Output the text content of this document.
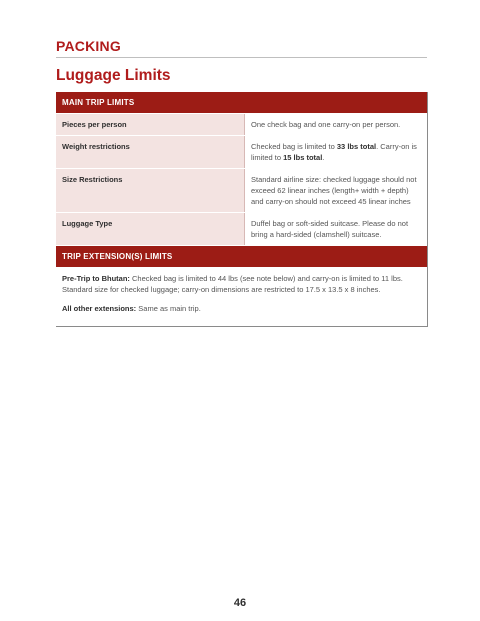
PACKING
Luggage Limits
MAIN TRIP LIMITS
Pieces per person	One check bag and one carry-on per person.
Weight restrictions	Checked bag is limited to 33 lbs total. Carry-on is limited to 15 lbs total.
Size Restrictions	Standard airline size: checked luggage should not exceed 62 linear inches (length+ width + depth) and carry-on should not exceed 45 linear inches
Luggage Type	Duffel bag or soft-sided suitcase. Please do not bring a hard-sided (clamshell) suitcase.
TRIP EXTENSION(S) LIMITS

Pre-Trip to Bhutan: Checked bag is limited to 44 lbs (see note below) and carry-on is limited to 11 lbs. Standard size for checked luggage; carry-on dimensions are restricted to 17.5 x 13.5 x 8 inches.

All other extensions: Same as main trip.

46
